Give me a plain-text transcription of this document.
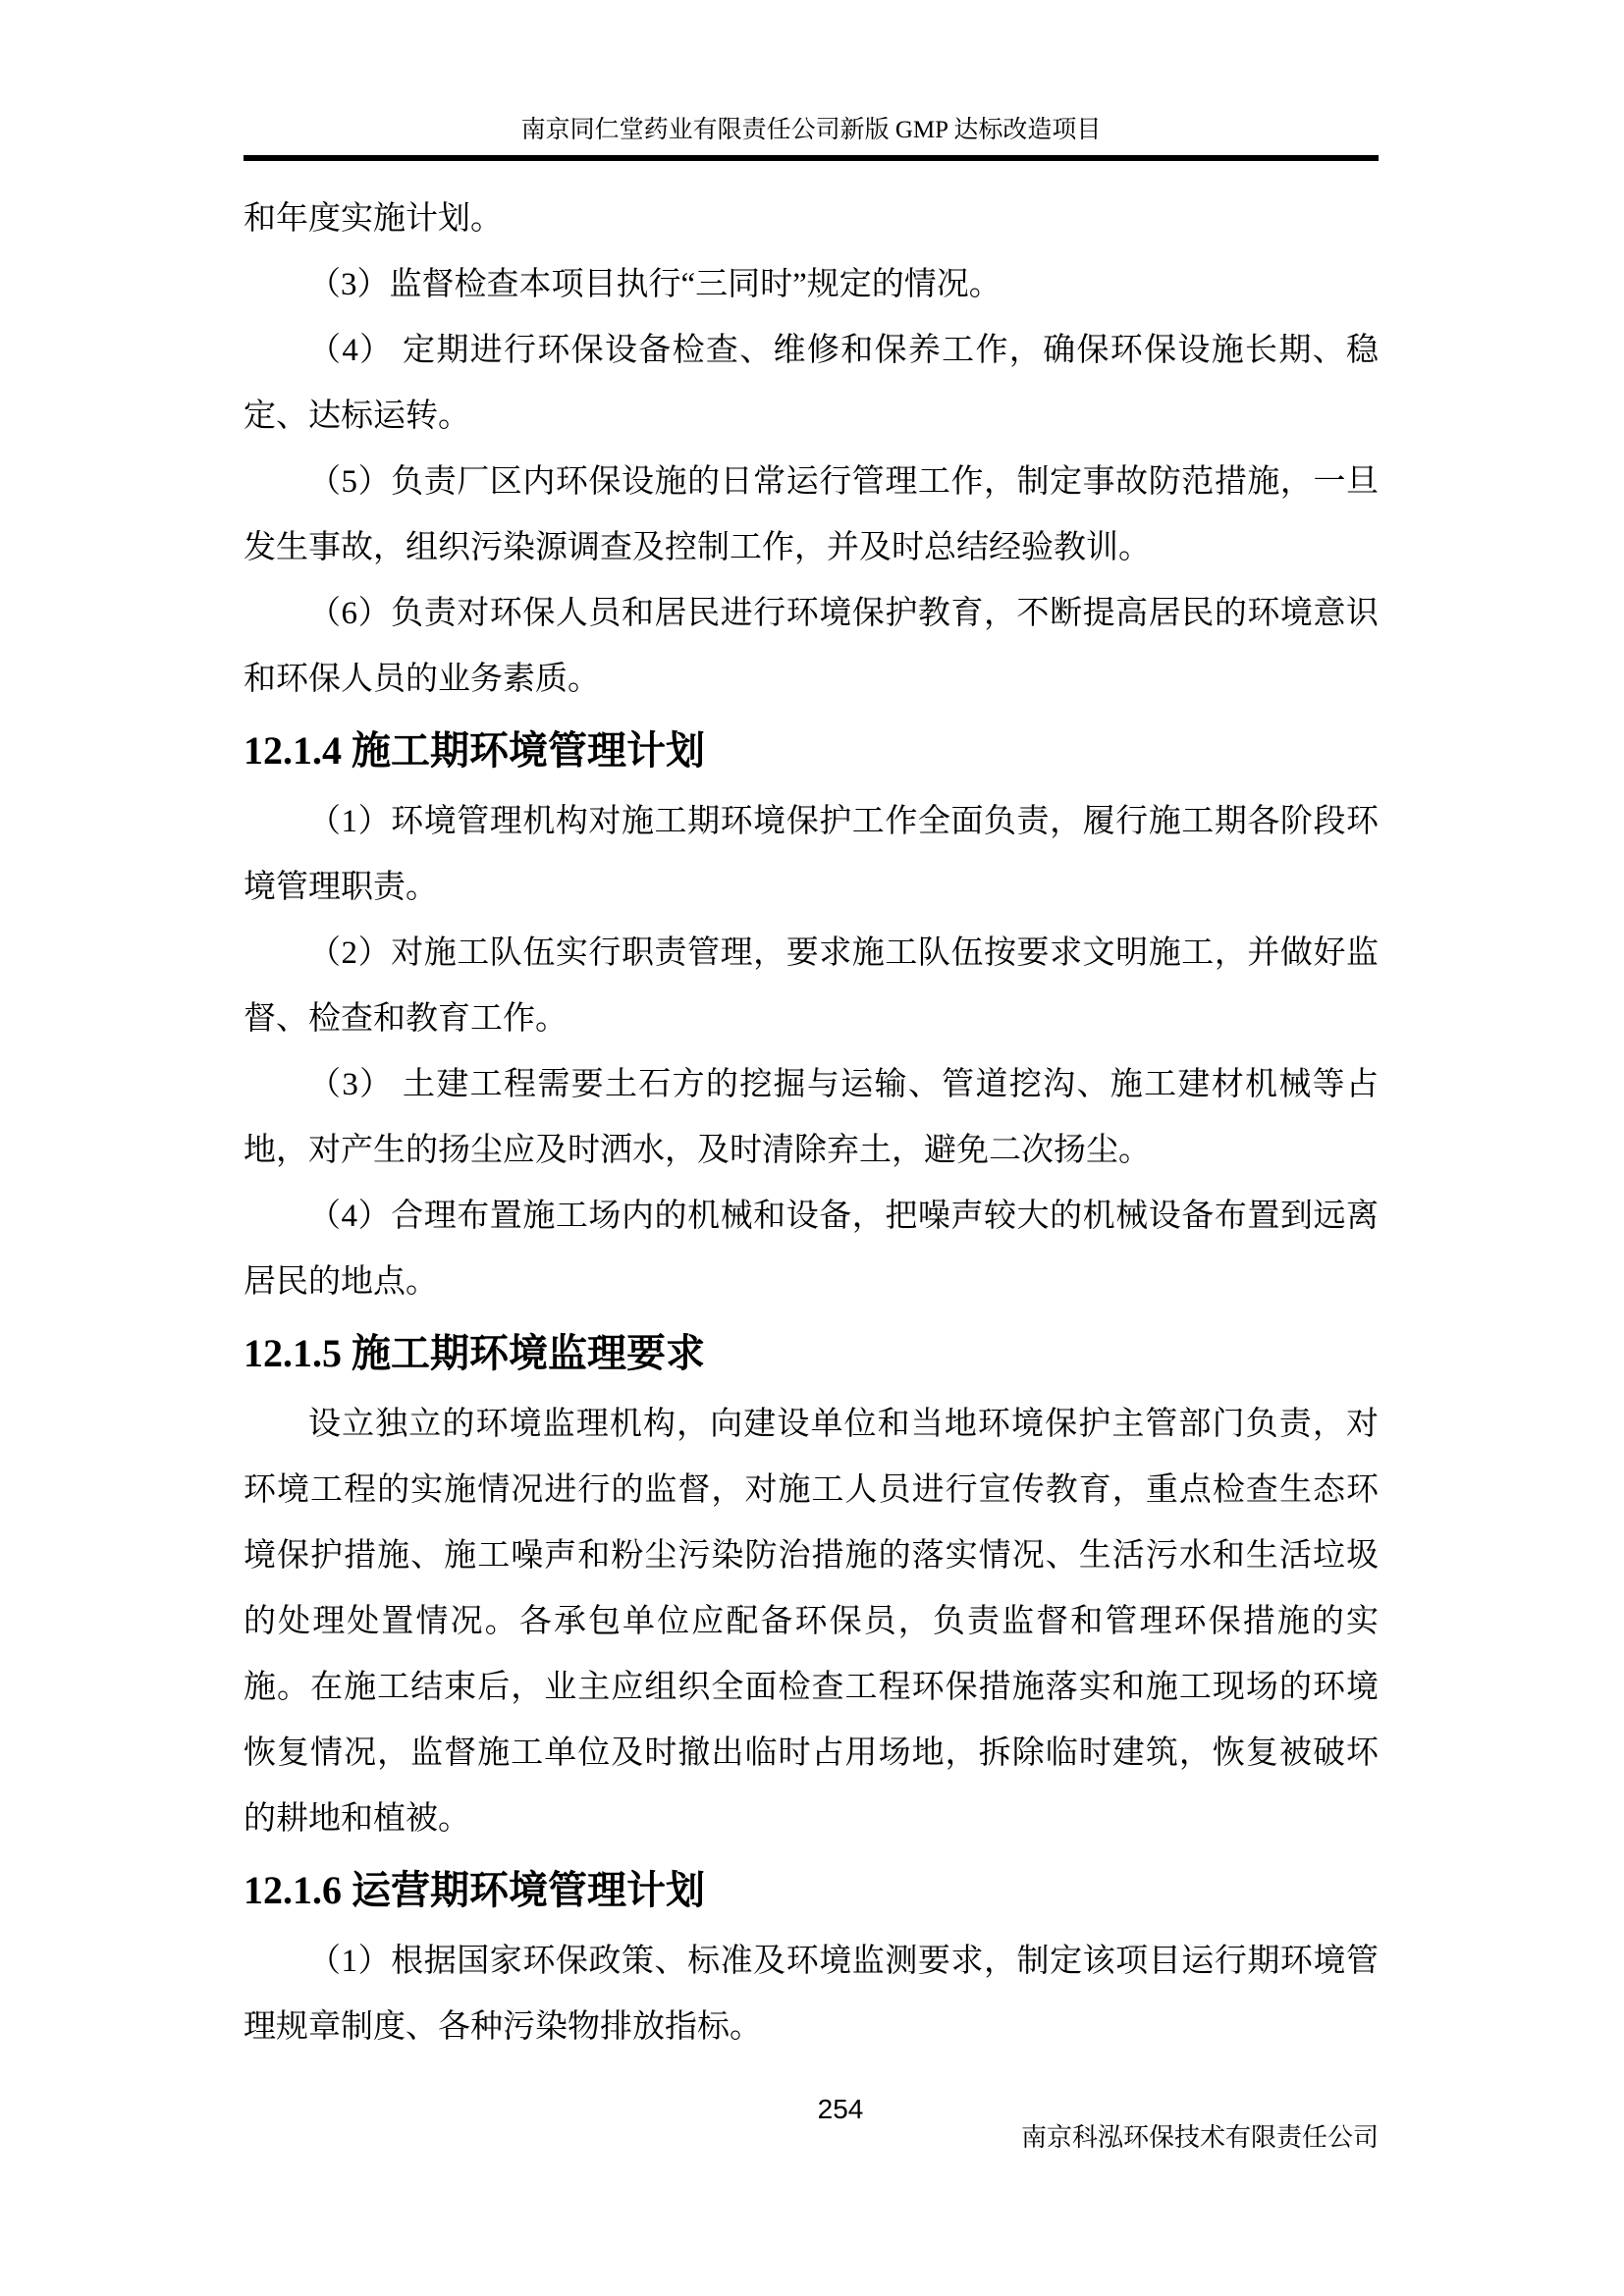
南京同仁堂药业有限责任公司新版 GMP 达标改造项目
和年度实施计划。
（3）监督检查本项目执行“三同时”规定的情况。
（4） 定期进行环保设备检查、维修和保养工作，确保环保设施长期、稳
定、达标运转。
（5）负责厂区内环保设施的日常运行管理工作，制定事故防范措施，一旦
发生事故，组织污染源调查及控制工作，并及时总结经验教训。
（6）负责对环保人员和居民进行环境保护教育，不断提高居民的环境意识
和环保人员的业务素质。
12.1.4 施工期环境管理计划
（1）环境管理机构对施工期环境保护工作全面负责，履行施工期各阶段环
境管理职责。
（2）对施工队伍实行职责管理，要求施工队伍按要求文明施工，并做好监
督、检查和教育工作。
（3） 土建工程需要土石方的挖掘与运输、管道挖沟、施工建材机械等占
地，对产生的扬尘应及时洒水，及时清除弃土，避免二次扬尘。
（4）合理布置施工场内的机械和设备，把噪声较大的机械设备布置到远离
居民的地点。
12.1.5 施工期环境监理要求
设立独立的环境监理机构，向建设单位和当地环境保护主管部门负责，对
环境工程的实施情况进行的监督，对施工人员进行宣传教育，重点检查生态环
境保护措施、施工噪声和粉尘污染防治措施的落实情况、生活污水和生活垃圾
的处理处置情况。各承包单位应配备环保员，负责监督和管理环保措施的实
施。在施工结束后，业主应组织全面检查工程环保措施落实和施工现场的环境
恢复情况，监督施工单位及时撤出临时占用场地，拆除临时建筑，恢复被破坏
的耕地和植被。
12.1.6 运营期环境管理计划
（1）根据国家环保政策、标准及环境监测要求，制定该项目运行期环境管
理规章制度、各种污染物排放指标。
254
南京科泓环保技术有限责任公司
